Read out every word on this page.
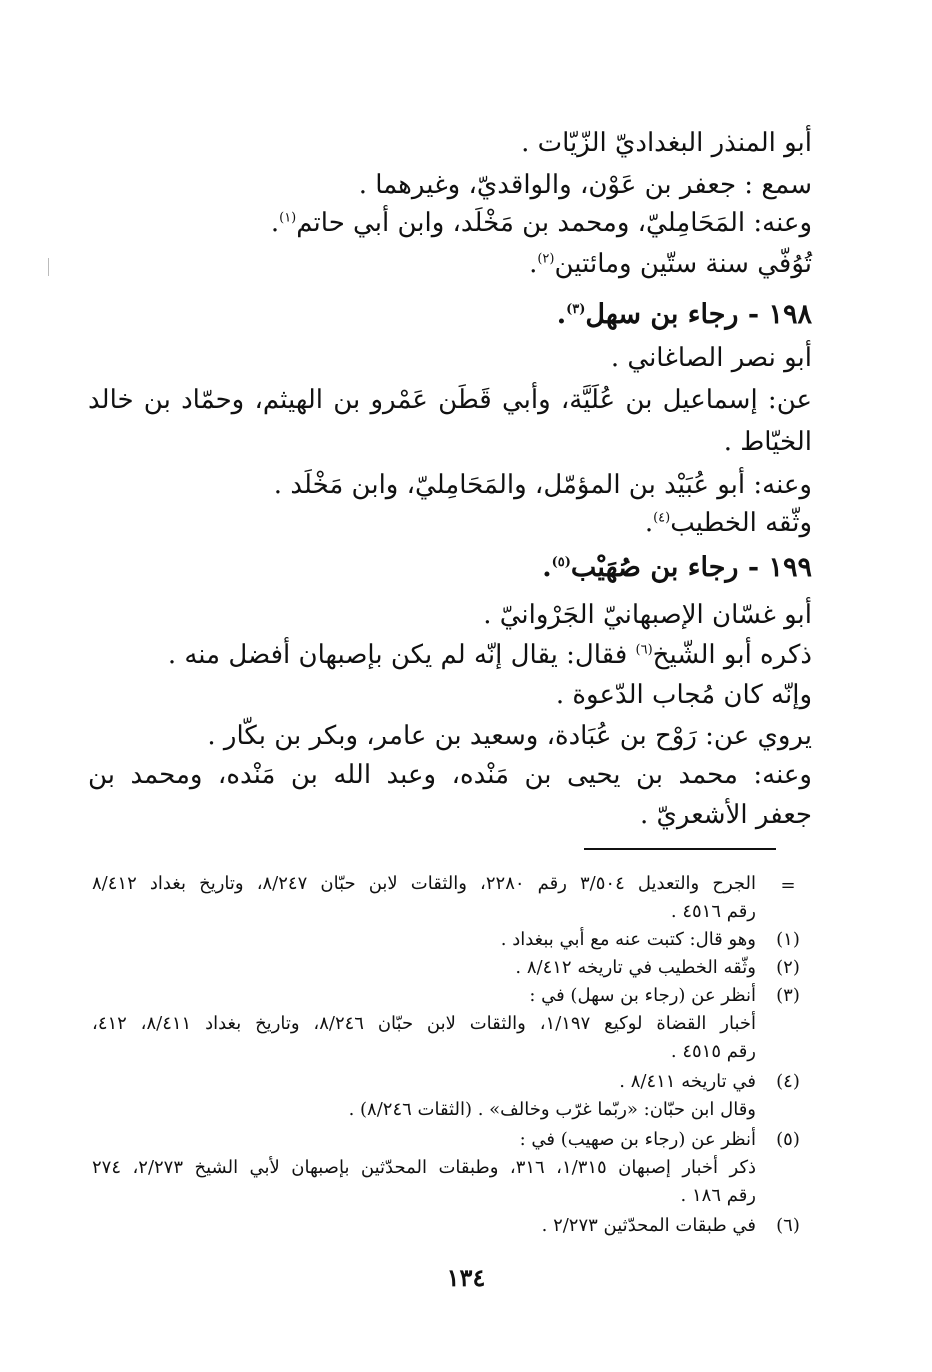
أبو المنذر البغداديّ الزّيّات .

سمع : جعفر بن عَوْن، والواقديّ، وغيرهما .

وعنه: المَحَامِليّ، ومحمد بن مَخْلَد، وابن أبي حاتم$^{(١)}$.

تُوُفّي سنة ستّين ومائتين$^{(٢)}$.

١٩٨ - رجاء بن سهل$^{(٣)}$.

أبو نصر الصاغاني .

عن: إسماعيل بن عُلَيَّة، وأبي قَطَن عَمْرو بن الهيثم، وحمّاد بن خالد

الخيّاط .

وعنه: أبو عُبَيْد بن المؤمّل، والمَحَامِليّ، وابن مَخْلَد .

وثّقه الخطيب$^{(٤)}$.

١٩٩ - رجاء بن صُهَيْب$^{(٥)}$.

أبو غسّان الإصبهانيّ الجَرْوانيّ .

ذكره أبو الشّيخ$^{(٦)}$ فقال: يقال إنّه لم يكن بإصبهان أفضل منه .

وإنّه كان مُجاب الدّعوة .

يروي عن: رَوْح بن عُبَادة، وسعيد بن عامر، وبكر بن بكّار .

وعنه: محمد بن يحيى بن مَنْده، وعبد الله بن مَنْده، ومحمد بن

جعفر الأشعريّ .

=

الجرح والتعديل ٣/٥٠٤ رقم ٢٢٨٠، والثقات لابن حبّان ٨/٢٤٧، وتاريخ بغداد ٨/٤١٢

رقم ٤٥١٦ .

(١)

وهو قال: كتبت عنه مع أبي ببغداد .

(٢)

وثّقه الخطيب في تاريخه ٨/٤١٢ .

(٣)

أنظر عن (رجاء بن سهل) في :

أخبار القضاة لوكيع ١/١٩٧، والثقات لابن حبّان ٨/٢٤٦، وتاريخ بغداد ٨/٤١١، ٤١٢،

رقم ٤٥١٥ .

(٤)

في تاريخه ٨/٤١١ .

وقال ابن حبّان: «ربّما غرّب وخالف» . (الثقات ٨/٢٤٦) .

(٥)

أنظر عن (رجاء بن صهيب) في :

ذكر أخبار إصبهان ١/٣١٥، ٣١٦، وطبقات المحدّثين بإصبهان لأبي الشيخ ٢/٢٧٣، ٢٧٤

رقم ١٨٦ .

(٦)

في طبقات المحدّثين ٢/٢٧٣ .

١٣٤
